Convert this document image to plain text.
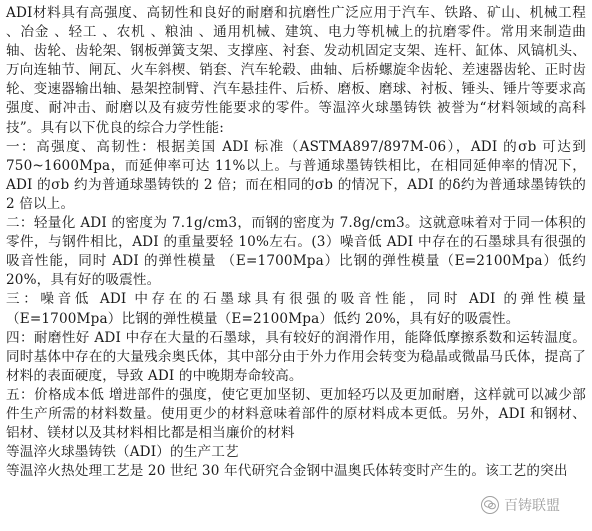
ADI材料具有高强度、高韧性和良好的耐磨和抗磨性广泛应用于汽车、铁路、矿山、机械工程 、冶金 、轻工 、农机 、粮油 、通用机械、建筑、电力等机械上的抗磨零件。常用来制造曲轴、齿轮、齿轮架、钢板弹簧支架、支撑座、衬套、发动机固定支架、连杆、缸体、风镐机头、万向连轴节、闸瓦、火车斜楔、销套、汽车轮毂、曲轴、后桥螺旋伞齿轮、差速器齿轮、正时齿轮、变速器输出轴、悬架控制臂、汽车悬挂件、后桥、磨板、磨球、衬板、锤头、锤片等要求高强度、耐冲击、耐磨以及有疲劳性能要求的零件。等温淬火球墨铸铁 被誉为“材料领域的高科技”。具有以下优良的综合力学性能:

一：高强度、高韧性：根据美国 ADI 标准（ASTMA897/897M-06），ADI 的σb 可达到 750~1600Mpa，而延伸率可达 11%以上。与普通球墨铸铁相比，在相同延伸率的情况下，ADI 的σb 约为普通球墨铸铁的 2 倍；而在相同的σb 的情况下，ADI 的δ约为普通球墨铸铁的 2 倍以上。

二：轻量化 ADI 的密度为 7.1g/cm3，而钢的密度为 7.8g/cm3。这就意味着对于同一体积的零件，与钢件相比，ADI 的重量要轻 10%左右。(3）噪音低 ADI 中存在的石墨球具有很强的吸音性能，同时 ADI 的弹性模量 （E=1700Mpa）比钢的弹性模量（E=2100Mpa）低约 20%，具有好的吸震性。

三：噪音低 ADI 中存在的石墨球具有很强的吸音性能，同时 ADI 的弹性模量 （E=1700Mpa）比钢的弹性模量（E=2100Mpa）低约 20%，具有好的吸震性。

四：耐磨性好 ADI 中存在大量的石墨球，具有较好的润滑作用，能降低摩擦系数和运转温度。同时基体中存在的大量残余奥氏体，其中部分由于外力作用会转变为稳晶或微晶马氏体，提高了材料的表面硬度，导致 ADI 的中晚期寿命较高。

五：价格成本低 增进部件的强度，使它更加坚韧、更加轻巧以及更加耐磨，这样就可以减少部件生产所需的材料数量。使用更少的材料意味着部件的原材料成本更低。另外，ADI 和钢材、铝材、镁材以及其材料相比都是相当廉价的材料

等温淬火球墨铸铁（ADI）的生产工艺

等温淬火热处理工艺是 20 世纪 30 年代研究合金钢中温奥氏体转变时产生的。该工艺的突出

百铸联盟
